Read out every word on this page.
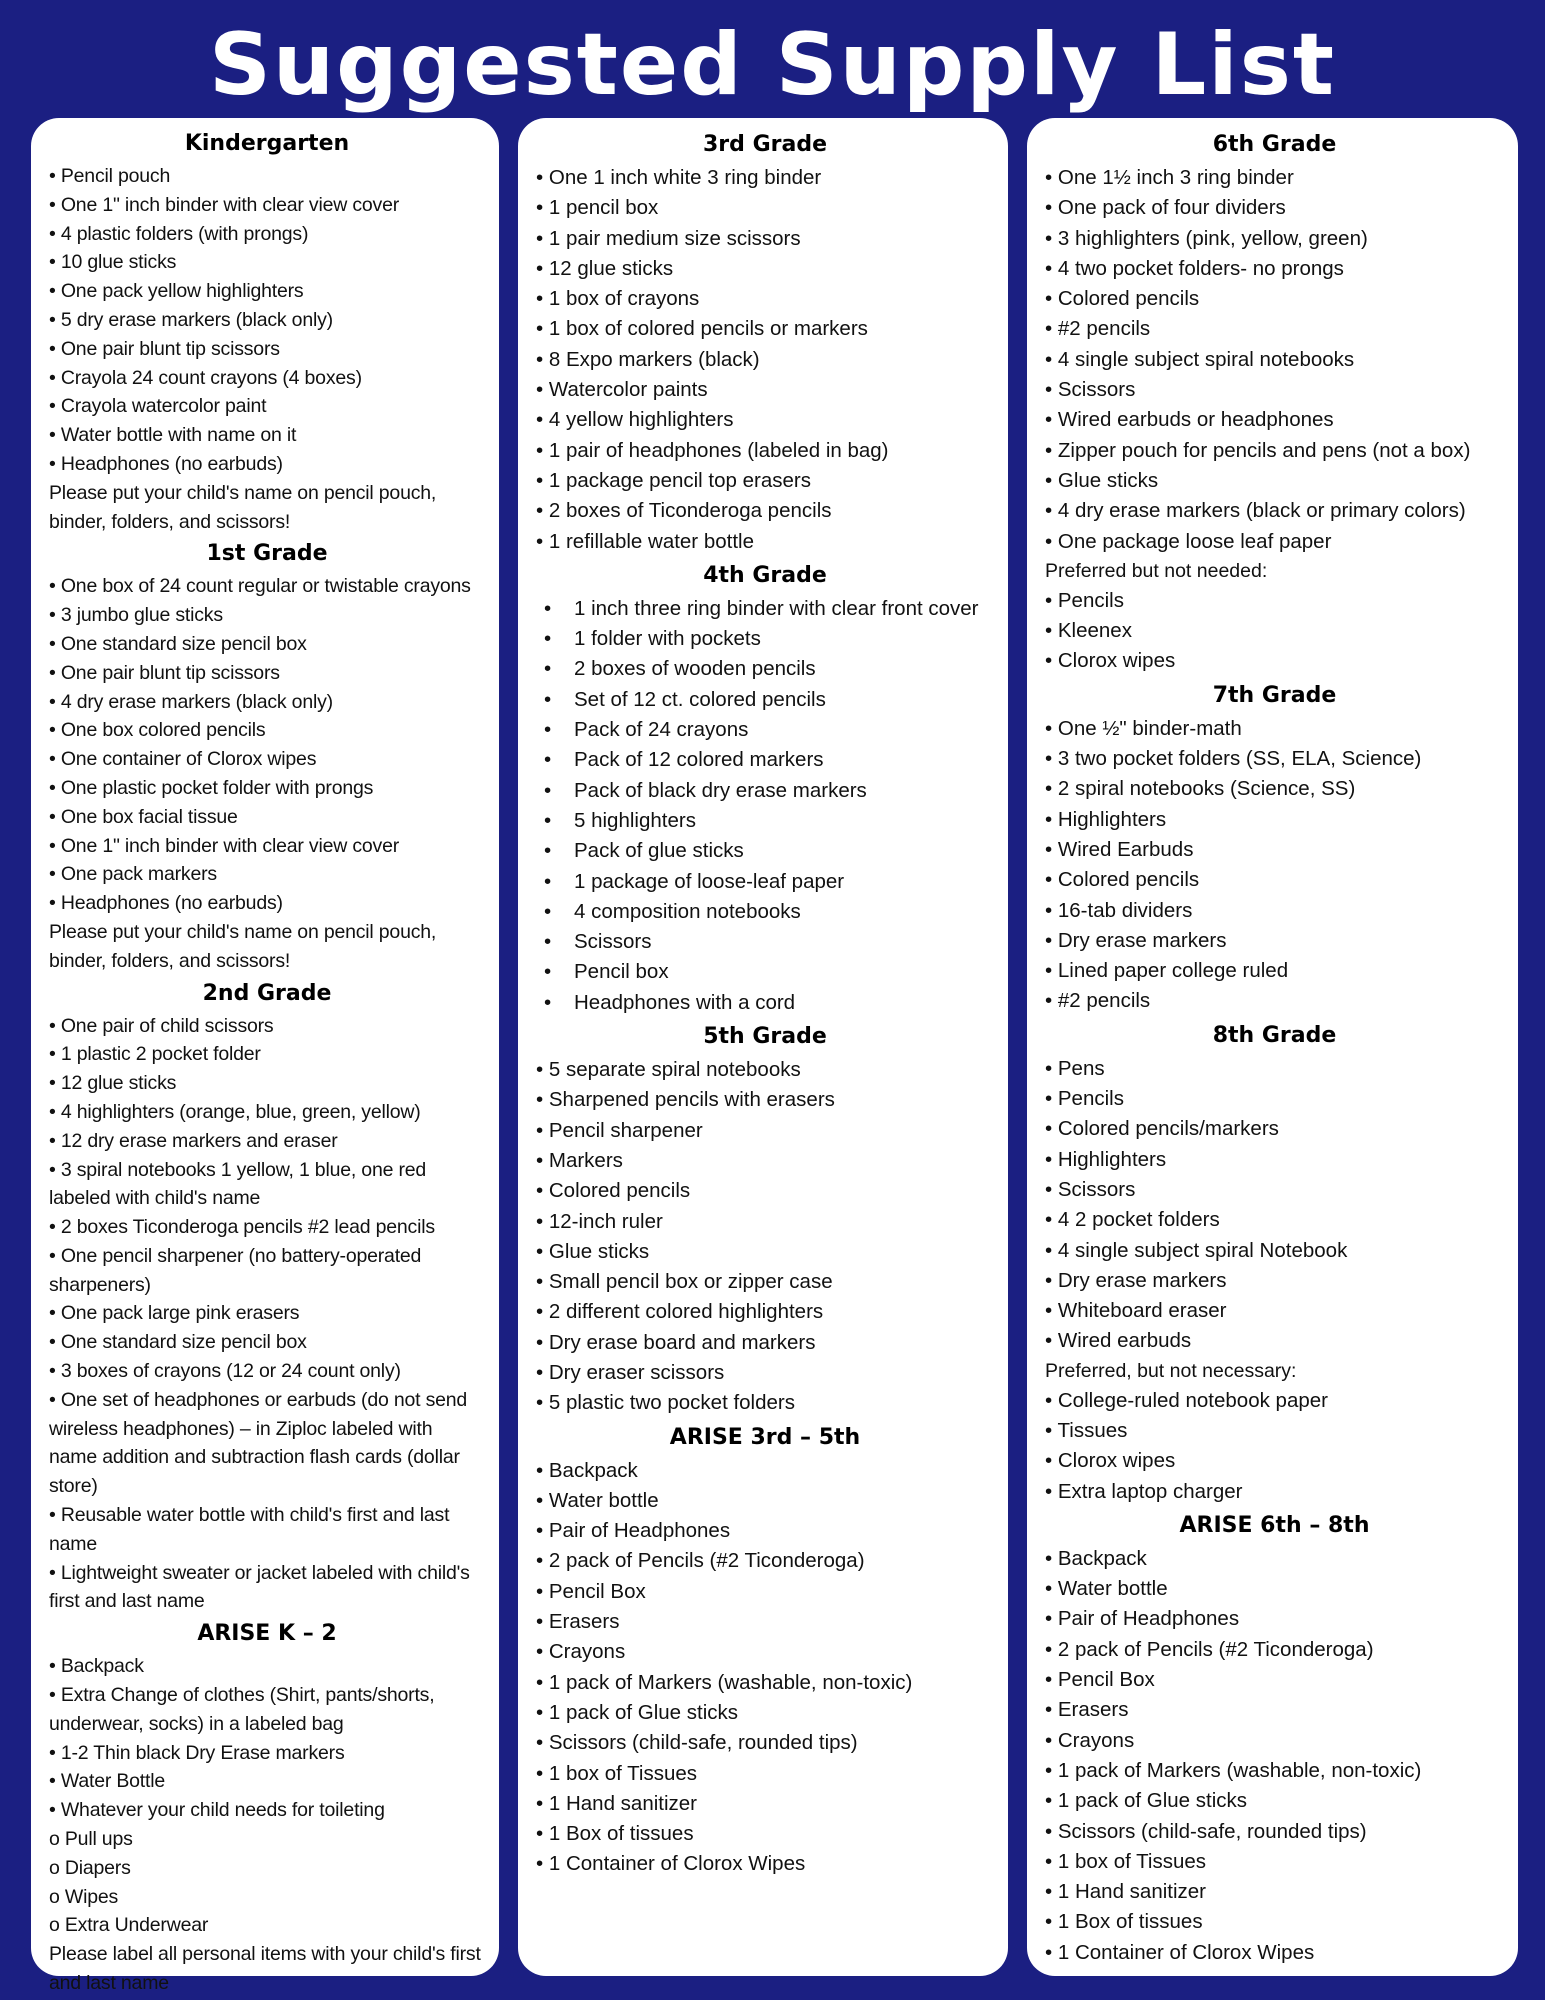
Suggested Supply List
Kindergarten
• Pencil pouch
• One 1" inch binder with clear view cover
• 4 plastic folders (with prongs)
• 10 glue sticks
• One pack yellow highlighters
• 5 dry erase markers (black only)
• One pair blunt tip scissors
• Crayola 24 count crayons (4 boxes)
• Crayola watercolor paint
• Water bottle with name on it
• Headphones (no earbuds)

Please put your child's name on pencil pouch, binder, folders, and scissors!

1st Grade
• One box of 24 count regular or twistable crayons
• 3 jumbo glue sticks
• One standard size pencil box
• One pair blunt tip scissors
• 4 dry erase markers (black only)
• One box colored pencils
• One container of Clorox wipes
• One plastic pocket folder with prongs
• One box facial tissue
• One 1" inch binder with clear view cover
• One pack markers
• Headphones (no earbuds)

Please put your child's name on pencil pouch, binder, folders, and scissors!

2nd Grade
• One pair of child scissors
• 1 plastic 2 pocket folder
• 12 glue sticks
• 4 highlighters (orange, blue, green, yellow)
• 12 dry erase markers and eraser
• 3 spiral notebooks 1 yellow, 1 blue, one red labeled with child's name
• 2 boxes Ticonderoga pencils #2 lead pencils
• One pencil sharpener (no battery-operated sharpeners)
• One pack large pink erasers
• One standard size pencil box
• 3 boxes of crayons (12 or 24 count only)
• One set of headphones or earbuds (do not send wireless headphones) – in Ziploc labeled with name addition and subtraction flash cards (dollar store)
• Reusable water bottle with child's first and last name
• Lightweight sweater or jacket labeled with child's first and last name
ARISE K – 2
• Backpack
• Extra Change of clothes (Shirt, pants/shorts, underwear, socks) in a labeled bag
• 1-2 Thin black Dry Erase markers
• Water Bottle
• Whatever your child needs for toileting
o Pull ups
o Diapers
o Wipes
o Extra Underwear

Please label all personal items with your child's first and last name

3rd Grade
• One 1 inch white 3 ring binder
• 1 pencil box
• 1 pair medium size scissors
• 12 glue sticks
• 1 box of crayons
• 1 box of colored pencils or markers
• 8 Expo markers (black)
• Watercolor paints
• 4 yellow highlighters
• 1 pair of headphones (labeled in bag)
• 1 package pencil top erasers
• 2 boxes of Ticonderoga pencils
• 1 refillable water bottle
4th Grade
• 1 inch three ring binder with clear front cover
• 1 folder with pockets
• 2 boxes of wooden pencils
• Set of 12 ct. colored pencils
• Pack of 24 crayons
• Pack of 12 colored markers
• Pack of black dry erase markers
• 5 highlighters
• Pack of glue sticks
• 1 package of loose-leaf paper
• 4 composition notebooks
• Scissors
• Pencil box
• Headphones with a cord
5th Grade
• 5 separate spiral notebooks
• Sharpened pencils with erasers
• Pencil sharpener
• Markers
• Colored pencils
• 12-inch ruler
• Glue sticks
• Small pencil box or zipper case
• 2 different colored highlighters
• Dry erase board and markers
• Dry eraser scissors
• 5 plastic two pocket folders
ARISE 3rd – 5th
• Backpack
• Water bottle
• Pair of Headphones
• 2 pack of Pencils (#2 Ticonderoga)
• Pencil Box
• Erasers
• Crayons
• 1 pack of Markers (washable, non-toxic)
• 1 pack of Glue sticks
• Scissors (child-safe, rounded tips)
• 1 box of Tissues
• 1 Hand sanitizer
• 1 Box of tissues
• 1 Container of Clorox Wipes
6th Grade
• One 1½ inch 3 ring binder
• One pack of four dividers
• 3 highlighters (pink, yellow, green)
• 4 two pocket folders- no prongs
• Colored pencils
• #2 pencils
• 4 single subject spiral notebooks
• Scissors
• Wired earbuds or headphones
• Zipper pouch for pencils and pens (not a box)
• Glue sticks
• 4 dry erase markers (black or primary colors)
• One package loose leaf paper

Preferred but not needed:

• Pencils
• Kleenex
• Clorox wipes
7th Grade
• One ½" binder-math
• 3 two pocket folders (SS, ELA, Science)
• 2 spiral notebooks (Science, SS)
• Highlighters
• Wired Earbuds
• Colored pencils
• 16-tab dividers
• Dry erase markers
• Lined paper college ruled
• #2 pencils
8th Grade
• Pens
• Pencils
• Colored pencils/markers
• Highlighters
• Scissors
• 4 2 pocket folders
• 4 single subject spiral Notebook
• Dry erase markers
• Whiteboard eraser
• Wired earbuds

Preferred, but not necessary:

• College-ruled notebook paper
• Tissues
• Clorox wipes
• Extra laptop charger
ARISE 6th – 8th
• Backpack
• Water bottle
• Pair of Headphones
• 2 pack of Pencils (#2 Ticonderoga)
• Pencil Box
• Erasers
• Crayons
• 1 pack of Markers (washable, non-toxic)
• 1 pack of Glue sticks
• Scissors (child-safe, rounded tips)
• 1 box of Tissues
• 1 Hand sanitizer
• 1 Box of tissues
• 1 Container of Clorox Wipes
